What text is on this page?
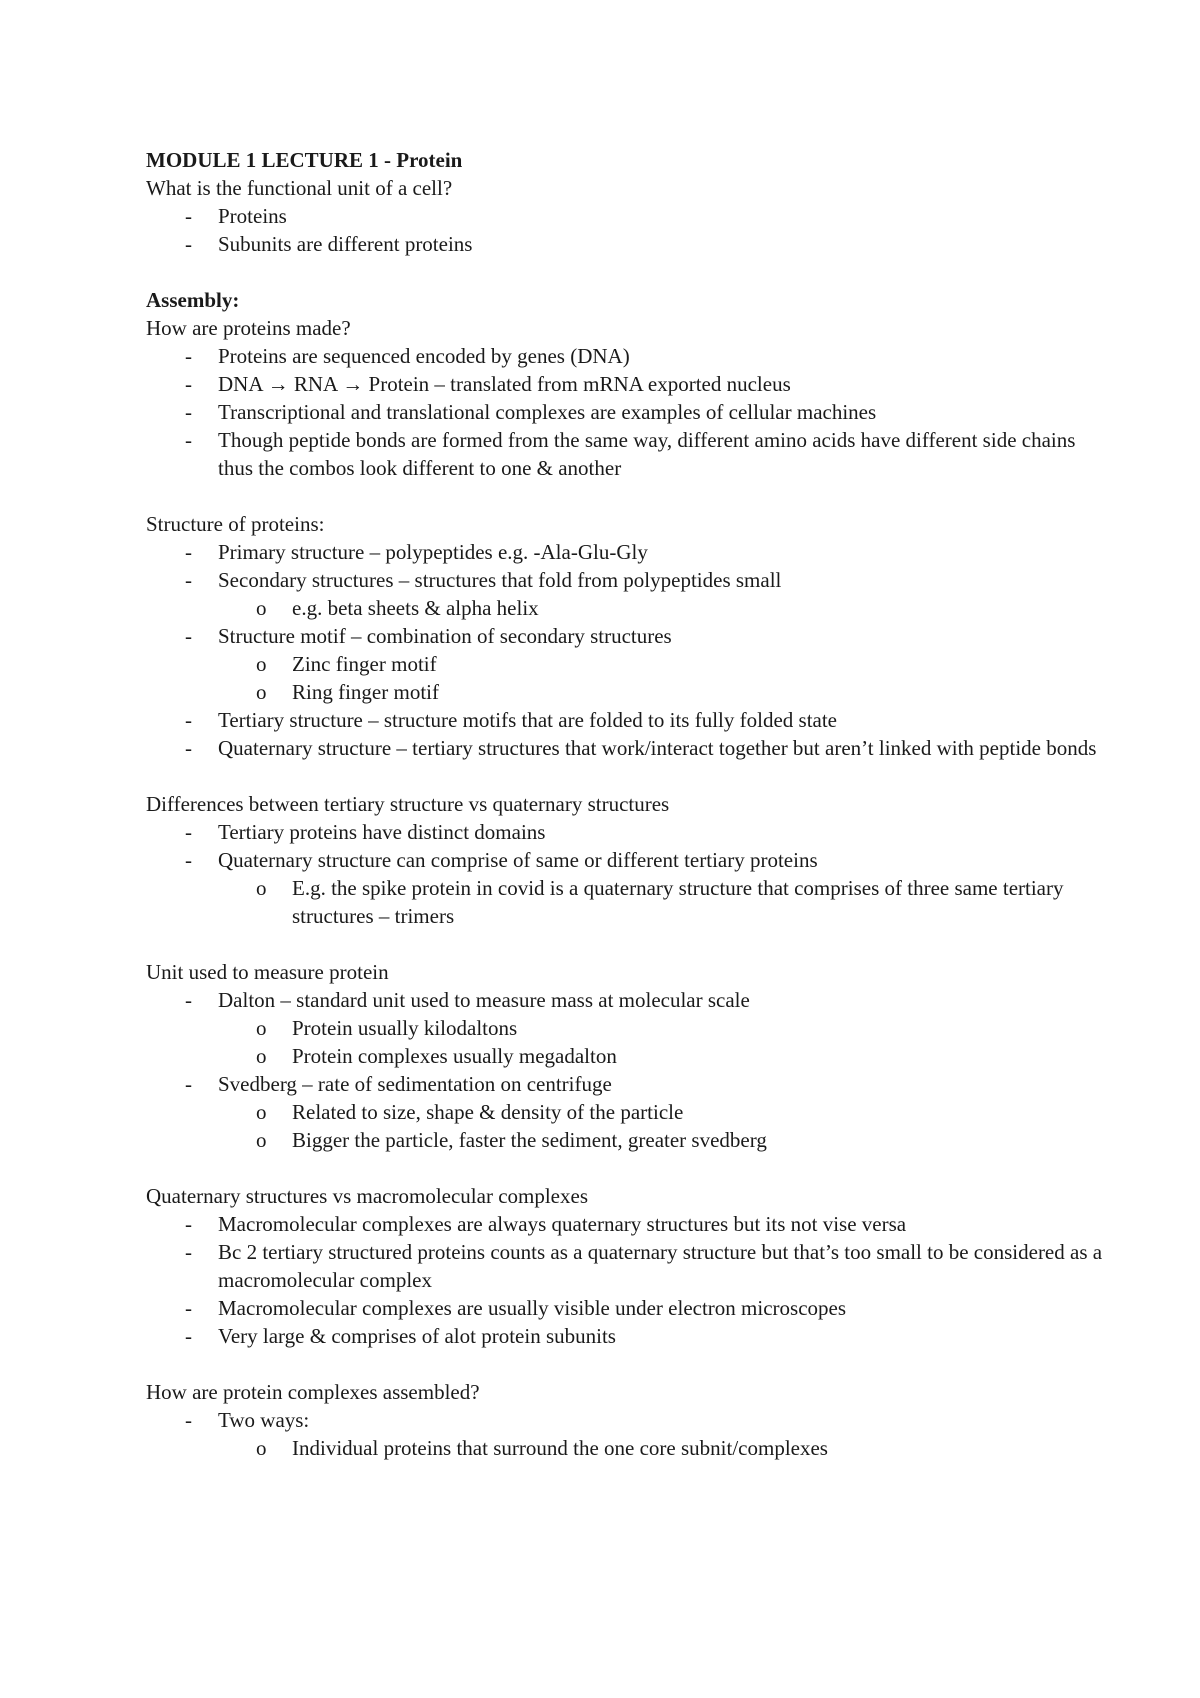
MODULE 1 LECTURE 1 - Protein
What is the functional unit of a cell?
- Proteins
- Subunits are different proteins
Assembly:
How are proteins made?
- Proteins are sequenced encoded by genes (DNA)
- DNA → RNA → Protein – translated from mRNA exported nucleus
- Transcriptional and translational complexes are examples of cellular machines
- Though peptide bonds are formed from the same way, different amino acids have different side chains thus the combos look different to one & another
Structure of proteins:
- Primary structure – polypeptides e.g. -Ala-Glu-Gly
- Secondary structures – structures that fold from polypeptides small
o e.g. beta sheets & alpha helix
- Structure motif – combination of secondary structures
o Zinc finger motif
o Ring finger motif
- Tertiary structure – structure motifs that are folded to its fully folded state
- Quaternary structure – tertiary structures that work/interact together but aren’t linked with peptide bonds
Differences between tertiary structure vs quaternary structures
- Tertiary proteins have distinct domains
- Quaternary structure can comprise of same or different tertiary proteins
o E.g. the spike protein in covid is a quaternary structure that comprises of three same tertiary structures – trimers
Unit used to measure protein
- Dalton – standard unit used to measure mass at molecular scale
o Protein usually kilodaltons
o Protein complexes usually megadalton
- Svedberg – rate of sedimentation on centrifuge
o Related to size, shape & density of the particle
o Bigger the particle, faster the sediment, greater svedberg
Quaternary structures vs macromolecular complexes
- Macromolecular complexes are always quaternary structures but its not vise versa
- Bc 2 tertiary structured proteins counts as a quaternary structure but that’s too small to be considered as a macromolecular complex
- Macromolecular complexes are usually visible under electron microscopes
- Very large & comprises of alot protein subunits
How are protein complexes assembled?
- Two ways:
o Individual proteins that surround the one core subnit/complexes
